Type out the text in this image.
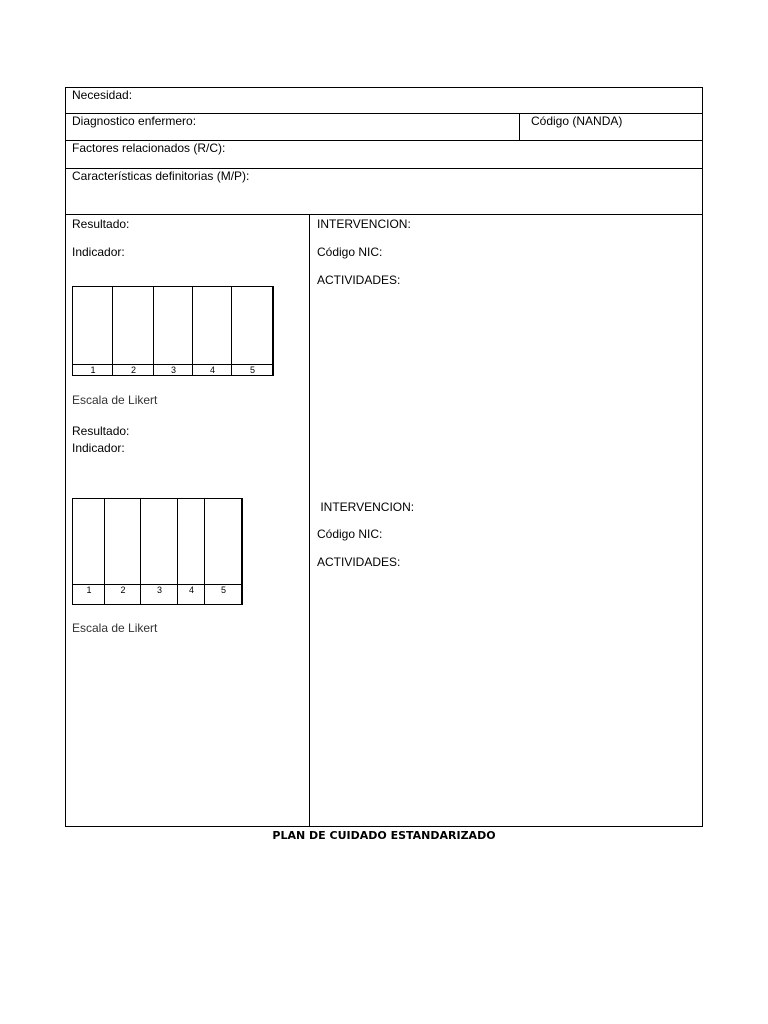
Necesidad:
Diagnostico enfermero:	Código (NANDA)
Factores relacionados (R/C):
Características definitorias (M/P):
Resultado:
Indicador:
1	2	3	4	5
Escala de Likert
Resultado:
Indicador:
1	2	3	4	5
Escala de Likert
INTERVENCION:
Código NIC:
ACTIVIDADES:
INTERVENCION:
Código NIC:
ACTIVIDADES:
PLAN DE CUIDADO ESTANDARIZADO
